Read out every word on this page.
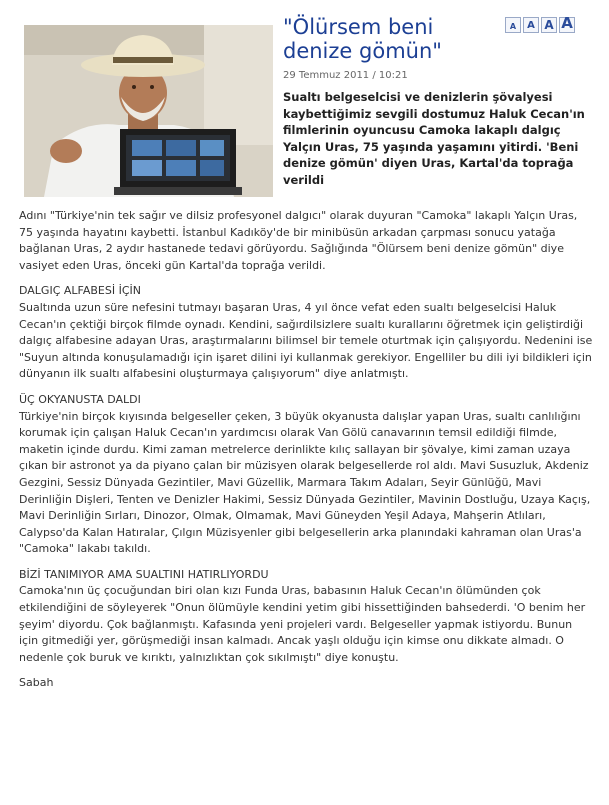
"Ölürsem beni denize gömün"
A	A A A
29 Temmuz 2011 / 10:21

Sualtı belgeselcisi ve denizlerin şövalyesi kaybettiğimiz sevgili dostumuz Haluk Cecan'ın filmlerinin oyuncusu Camoka lakaplı dalgıç Yalçın Uras, 75 yaşında yaşamını yitirdi. 'Beni denize gömün' diyen Uras, Kartal'da toprağa verildi

Adını "Türkiye'nin tek sağır ve dilsiz profesyonel dalgıcı" olarak duyuran "Camoka" lakaplı Yalçın Uras, 75 yaşında hayatını kaybetti. İstanbul Kadıköy'de bir minibüsün arkadan çarpması sonucu yatağa bağlanan Uras, 2 aydır hastanede tedavi görüyordu. Sağlığında "Ölürsem beni denize gömün" diye vasiyet eden Uras, önceki gün Kartal'da toprağa verildi.

DALGIÇ ALFABESİ İÇİN

Sualtında uzun süre nefesini tutmayı başaran Uras, 4 yıl önce vefat eden sualtı belgeselcisi Haluk Cecan'ın çektiği birçok filmde oynadı. Kendini, sağırdilsizlere sualtı kurallarını öğretmek için geliştirdiği dalgıç alfabesine adayan Uras, araştırmalarını bilimsel bir temele oturtmak için çalışıyordu. Nedenini ise "Suyun altında konuşulamadığı için işaret dilini iyi kullanmak gerekiyor. Engelliler bu dili iyi bildikleri için dünyanın ilk sualtı alfabesini oluşturmaya çalışıyorum" diye anlatmıştı.

ÜÇ OKYANUSTA DALDI

Türkiye'nin birçok kıyısında belgeseller çeken, 3 büyük okyanusta dalışlar yapan Uras, sualtı canlılığını korumak için çalışan Haluk Cecan'ın yardımcısı olarak Van Gölü canavarının temsil edildiği filmde, maketin içinde durdu. Kimi zaman metrelerce derinlikte kılıç sallayan bir şövalye, kimi zaman uzaya çıkan bir astronot ya da piyano çalan bir müzisyen olarak belgesellerde rol aldı. Mavi Susuzluk, Akdeniz Gezgini, Sessiz Dünyada Gezintiler, Mavi Güzellik, Marmara Takım Adaları, Seyir Günlüğü, Mavi Derinliğin Dişleri, Tenten ve Denizler Hakimi, Sessiz Dünyada Gezintiler, Mavinin Dostluğu, Uzaya Kaçış, Mavi Derinliğin Sırları, Dinozor, Olmak, Olmamak, Mavi Güneyden Yeşil Adaya, Mahşerin Atlıları, Calypso'da Kalan Hatıralar, Çılgın Müzisyenler gibi belgesellerin arka planındaki kahraman olan Uras'a "Camoka" lakabı takıldı.

BİZİ TANIMIYOR AMA SUALTINI HATIRLIYORDU

Camoka'nın üç çocuğundan biri olan kızı Funda Uras, babasının Haluk Cecan'ın ölümünden çok etkilendiğini de söyleyerek "Onun ölümüyle kendini yetim gibi hissettiğinden bahsederdi. 'O benim her şeyim' diyordu. Çok bağlanmıştı. Kafasında yeni projeleri vardı. Belgeseller yapmak istiyordu. Bunun için gitmediği yer, görüşmediği insan kalmadı. Ancak yaşlı olduğu için kimse onu dikkate almadı. O nedenle çok buruk ve kırıktı, yalnızlıktan çok sıkılmıştı" diye konuştu.

Sabah
